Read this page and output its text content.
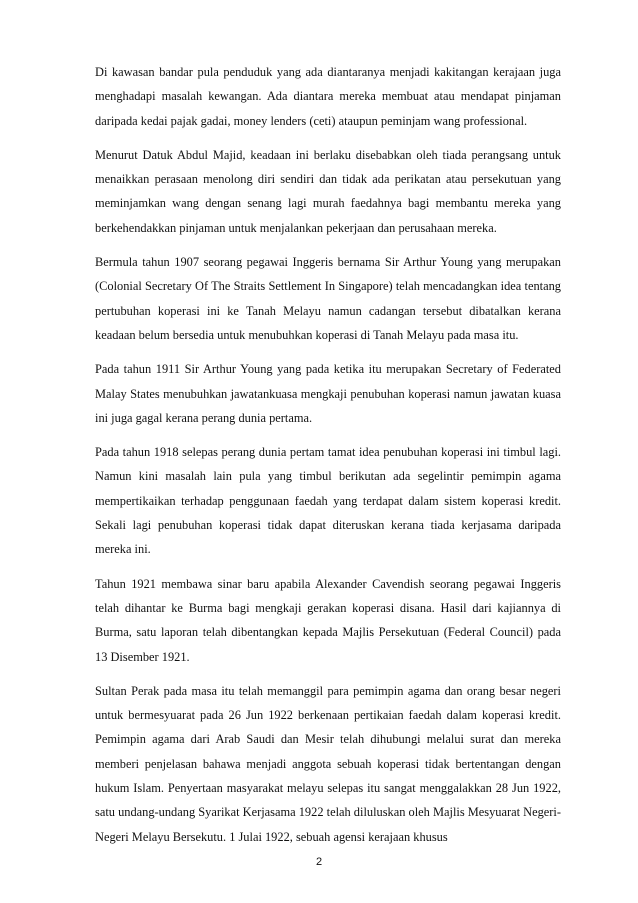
Di kawasan bandar pula penduduk yang ada diantaranya menjadi kakitangan kerajaan juga menghadapi masalah kewangan. Ada diantara mereka membuat atau mendapat pinjaman daripada kedai pajak gadai, money lenders (ceti) ataupun peminjam wang professional.

Menurut Datuk Abdul Majid, keadaan ini berlaku disebabkan oleh tiada perangsang untuk menaikkan perasaan menolong diri sendiri dan tidak ada perikatan atau persekutuan yang meminjamkan wang dengan senang lagi murah faedahnya bagi membantu mereka yang berkehendakkan pinjaman untuk menjalankan pekerjaan dan perusahaan mereka.

Bermula tahun 1907 seorang pegawai Inggeris bernama Sir Arthur Young yang merupakan (Colonial Secretary Of The Straits Settlement In Singapore) telah mencadangkan idea tentang pertubuhan koperasi ini ke Tanah Melayu namun cadangan tersebut dibatalkan kerana keadaan belum bersedia untuk menubuhkan koperasi di Tanah Melayu pada masa itu.

Pada tahun 1911 Sir Arthur Young yang pada ketika itu merupakan Secretary of Federated Malay States menubuhkan jawatankuasa mengkaji penubuhan koperasi namun jawatan kuasa ini juga gagal kerana perang dunia pertama.

Pada tahun 1918 selepas perang dunia pertam tamat idea penubuhan koperasi ini timbul lagi. Namun kini masalah lain pula yang timbul berikutan ada segelintir pemimpin agama mempertikaikan terhadap penggunaan faedah yang terdapat dalam sistem koperasi kredit. Sekali lagi penubuhan koperasi tidak dapat diteruskan kerana tiada kerjasama daripada mereka ini.

Tahun 1921 membawa sinar baru apabila Alexander Cavendish seorang pegawai Inggeris telah dihantar ke Burma bagi mengkaji gerakan koperasi disana. Hasil dari kajiannya di Burma, satu laporan telah dibentangkan kepada Majlis Persekutuan (Federal Council) pada 13 Disember 1921.

Sultan Perak pada masa itu telah memanggil para pemimpin agama dan orang besar negeri untuk bermesyuarat pada 26 Jun 1922 berkenaan pertikaian faedah dalam koperasi kredit. Pemimpin agama dari Arab Saudi dan Mesir telah dihubungi melalui surat dan mereka memberi penjelasan bahawa menjadi anggota sebuah koperasi tidak bertentangan dengan hukum Islam. Penyertaan masyarakat melayu selepas itu sangat menggalakkan 28 Jun 1922, satu undang-undang Syarikat Kerjasama 1922 telah diluluskan oleh Majlis Mesyuarat Negeri-Negeri Melayu Bersekutu. 1 Julai 1922, sebuah agensi kerajaan khusus

2
